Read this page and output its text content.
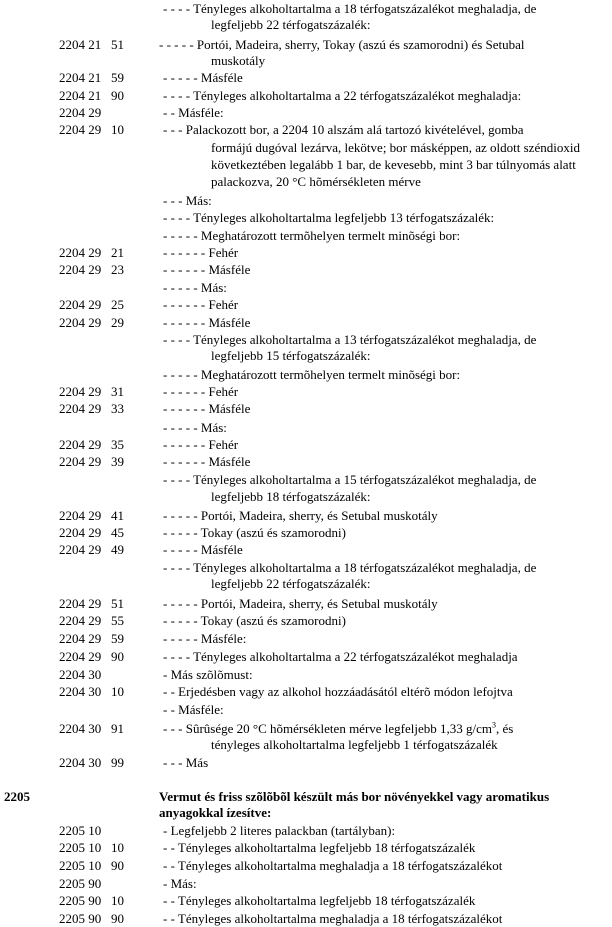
- - - - Tényleges alkoholtartalma a 18 térfogatszázalékot meghaladja, de
legfeljebb 22 térfogatszázalék:
2204 21   51	- - - - - Portói, Madeira, sherry, Tokay (aszú és szamorodni) és Setubal
muskotály
2204 21   59	- - - - - Másféle
2204 21   90	- - - - Tényleges alkoholtartalma a 22 térfogatszázalékot meghaladja:
2204 29	- - Másféle:
2204 29   10	- - - Palackozott bor, a 2204 10 alszám alá tartozó kivételével, gomba
formájú dugóval lezárva, lekötve; bor másképpen, az oldott széndioxid
következtében legalább 1 bar, de kevesebb, mint 3 bar túlnyomás alatt
palackozva, 20 °C hõmérsékleten mérve
- - - Más:
- - - - Tényleges alkoholtartalma legfeljebb 13 térfogatszázalék:
- - - - - Meghatározott termõhelyen termelt minõségi bor:
2204 29   21	- - - - - - Fehér
2204 29   23	- - - - - - Másféle
- - - - - Más:
2204 29   25	- - - - - - Fehér
2204 29   29	- - - - - - Másféle
- - - - Tényleges alkoholtartalma a 13 térfogatszázalékot meghaladja, de
legfeljebb 15 térfogatszázalék:
- - - - - Meghatározott termõhelyen termelt minõségi bor:
2204 29   31	- - - - - - Fehér
2204 29   33	- - - - - - Másféle
- - - - - Más:
2204 29   35	- - - - - - Fehér
2204 29   39	- - - - - - Másféle
- - - - Tényleges alkoholtartalma a 15 térfogatszázalékot meghaladja, de
legfeljebb 18 térfogatszázalék:
2204 29   41	- - - - - Portói, Madeira, sherry, és Setubal muskotály
2204 29   45	- - - - - Tokay (aszú és szamorodni)
2204 29   49	- - - - - Másféle
- - - - Tényleges alkoholtartalma a 18 térfogatszázalékot meghaladja, de
legfeljebb 22 térfogatszázalék:
2204 29   51	- - - - - Portói, Madeira, sherry, és Setubal muskotály
2204 29   55	- - - - - Tokay (aszú és szamorodni)
2204 29   59	- - - - - Másféle:
2204 29   90	- - - - Tényleges alkoholtartalma a 22 térfogatszázalékot meghaladja
2204 30	- Más szõlõmust:
2204 30   10	- - Erjedésben vagy az alkohol hozzáadásától eltérõ módon lefojtva
- - Másféle:
2204 30   91	- - - Sûrûsége 20 °C hõmérsékleten mérve legfeljebb 1,33 $g/cm^3$, és
tényleges alkoholtartalma legfeljebb 1 térfogatszázalék
2204 30   99	- - - Más
2205	Vermut és friss szõlõbõl készült más bor növényekkel vagy aromatikus
anyagokkal ízesítve:
2205 10	- Legfeljebb 2 literes palackban (tartályban):
2205 10   10	- - Tényleges alkoholtartalma legfeljebb 18 térfogatszázalék
2205 10   90	- - Tényleges alkoholtartalma meghaladja a 18 térfogatszázalékot
2205 90	- Más:
2205 90   10	- - Tényleges alkoholtartalma legfeljebb 18 térfogatszázalék
2205 90   90	- - Tényleges alkoholtartalma meghaladja a 18 térfogatszázalékot
